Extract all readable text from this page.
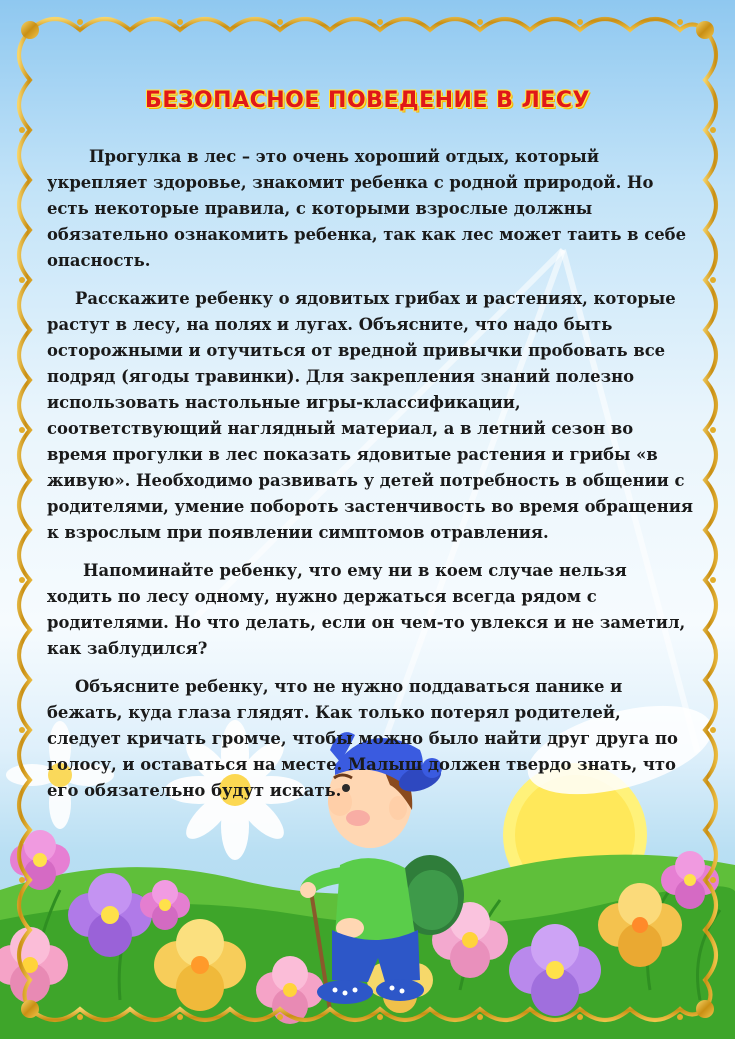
БЕЗОПАСНОЕ ПОВЕДЕНИЕ В ЛЕСУ

Прогулка в лес – это очень хороший отдых, который укрепляет здоровье, знакомит ребенка с родной природой. Но есть некоторые правила, с которыми взрослые должны обязательно ознакомить ребенка, так как лес может таить в себе опасность.

Расскажите ребенку о ядовитых грибах и растениях, которые растут в лесу, на полях и лугах. Объясните, что надо быть осторожными и отучиться от вредной привычки пробовать все подряд (ягоды травинки). Для закрепления знаний полезно использовать настольные игры-классификации, соответствующий наглядный материал, а в летний сезон во время прогулки в лес показать ядовитые растения и грибы «в живую». Необходимо развивать у детей потребность в общении с родителями, умение побороть застенчивость во время обращения к взрослым при появлении симптомов отравления.

Напоминайте ребенку, что ему ни в коем случае нельзя ходить по лесу одному, нужно держаться всегда рядом с родителями. Но что делать, если он чем-то увлекся и не заметил, как заблудился?

Объясните ребенку, что не нужно поддаваться панике и бежать, куда глаза глядят. Как только потерял родителей, следует кричать громче, чтобы можно было найти друг друга по голосу, и оставаться на месте. Малыш должен твердо знать, что его обязательно будут искать.
